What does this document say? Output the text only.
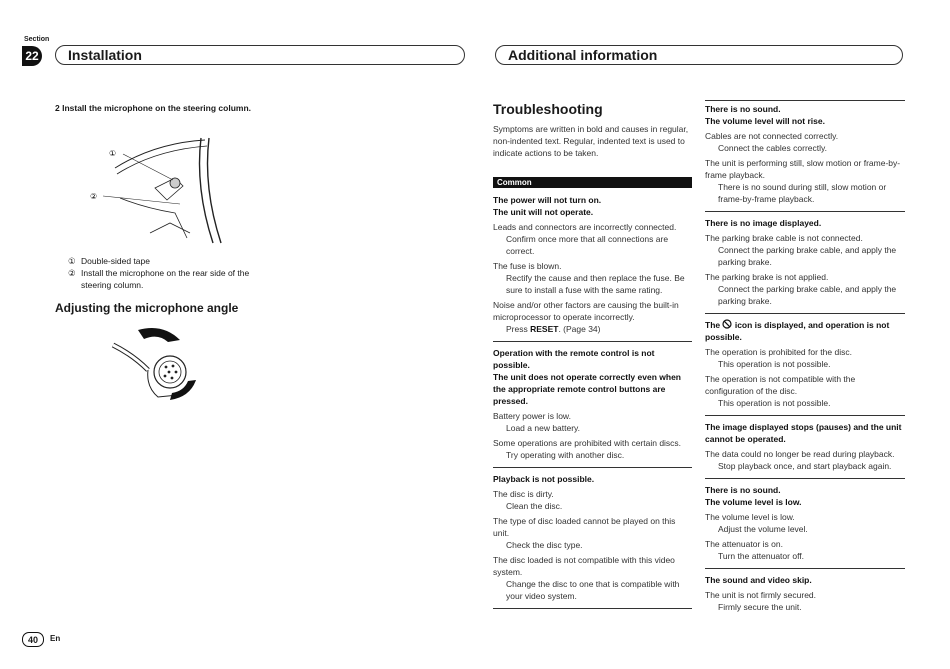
Section
22 Installation	Additional information
2 Install the microphone on the steering column.
①
②
① Double-sided tape
② Install the microphone on the rear side of the steering column.
Adjusting the microphone angle
Troubleshooting
Symptoms are written in bold and causes in regular, non-indented text. Regular, indented text is used to indicate actions to be taken.
Common
The power will not turn on.
The unit will not operate.
Leads and connectors are incorrectly connected.
Confirm once more that all connections are correct.
The fuse is blown.
Rectify the cause and then replace the fuse. Be sure to install a fuse with the same rating.
Noise and/or other factors are causing the built-in microprocessor to operate incorrectly.
Press RESET. (Page 34)
Operation with the remote control is not possible.
The unit does not operate correctly even when the appropriate remote control buttons are pressed.
Battery power is low.
Load a new battery.
Some operations are prohibited with certain discs.
Try operating with another disc.
Playback is not possible.
The disc is dirty.
Clean the disc.
The type of disc loaded cannot be played on this unit.
Check the disc type.
The disc loaded is not compatible with this video system.
Change the disc to one that is compatible with your video system.
There is no sound.
The volume level will not rise.
Cables are not connected correctly.
Connect the cables correctly.
The unit is performing still, slow motion or frame-by-frame playback.
There is no sound during still, slow motion or frame-by-frame playback.
There is no image displayed.
The parking brake cable is not connected.
Connect the parking brake cable, and apply the parking brake.
The parking brake is not applied.
Connect the parking brake cable, and apply the parking brake.
The  icon is displayed, and operation is not possible.
The operation is prohibited for the disc.
This operation is not possible.
The operation is not compatible with the configuration of the disc.
This operation is not possible.
The image displayed stops (pauses) and the unit cannot be operated.
The data could no longer be read during playback.
Stop playback once, and start playback again.
There is no sound.
The volume level is low.
The volume level is low.
Adjust the volume level.
The attenuator is on.
Turn the attenuator off.
The sound and video skip.
The unit is not firmly secured.
Firmly secure the unit.
40	En
